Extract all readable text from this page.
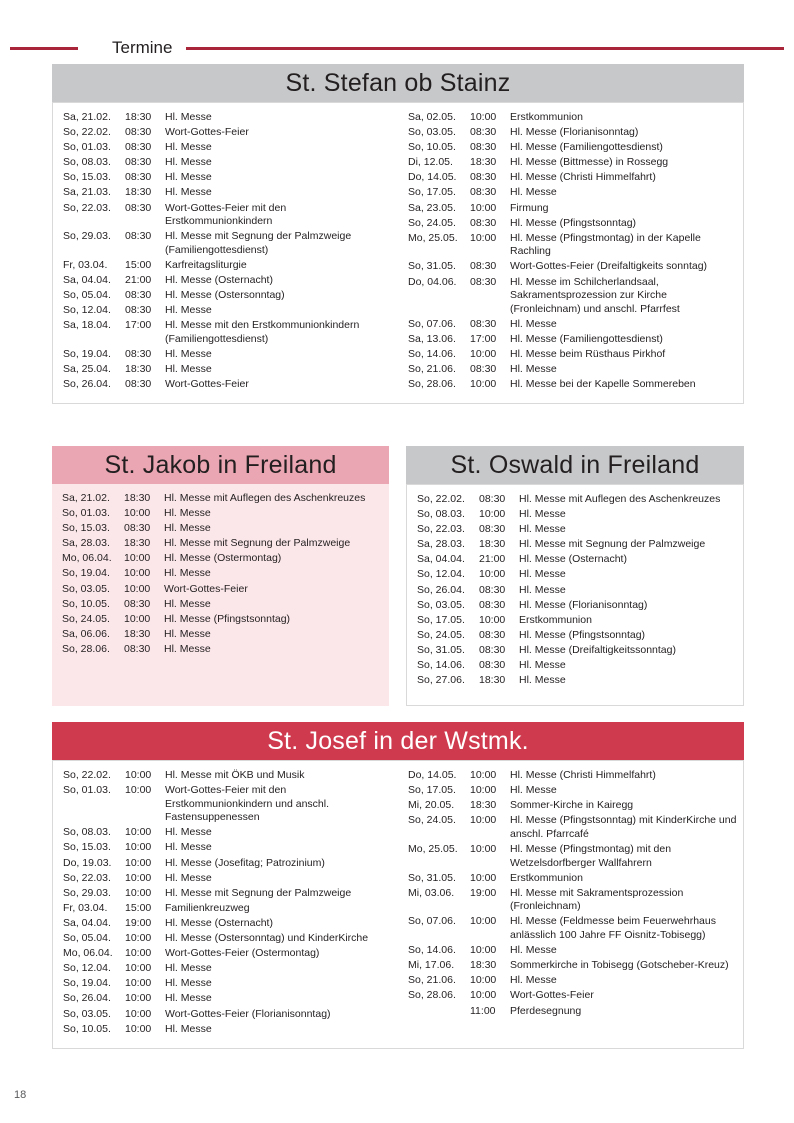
Termine
St. Stefan ob Stainz
Sa, 21.02.	18:30	Hl. Messe
So, 22.02.	08:30	Wort-Gottes-Feier
So, 01.03.	08:30	Hl. Messe
So, 08.03.	08:30	Hl. Messe
So, 15.03.	08:30	Hl. Messe
Sa, 21.03.	18:30	Hl. Messe
So, 22.03.	08:30	Wort-Gottes-Feier mit den Erstkommunionkindern
So, 29.03.	08:30	Hl. Messe mit Segnung der Palmzweige (Familiengottesdienst)
Fr, 03.04.	15:00	Karfreitagsliturgie
Sa, 04.04.	21:00	Hl. Messe (Osternacht)
So, 05.04.	08:30	Hl. Messe (Ostersonntag)
So, 12.04.	08:30	Hl. Messe
Sa, 18.04.	17:00	Hl. Messe mit den Erstkommunionkindern (Familiengottesdienst)
So, 19.04.	08:30	Hl. Messe
Sa, 25.04.	18:30	Hl. Messe
So, 26.04.	08:30	Wort-Gottes-Feier
Sa, 02.05.	10:00	Erstkommunion
So, 03.05.	08:30	Hl. Messe (Florianisonntag)
So, 10.05.	08:30	Hl. Messe (Familiengottesdienst)
Di, 12.05.	18:30	Hl. Messe (Bittmesse) in Rossegg
Do, 14.05.	08:30	Hl. Messe (Christi Himmelfahrt)
So, 17.05.	08:30	Hl. Messe
Sa, 23.05.	10:00	Firmung
So, 24.05.	08:30	Hl. Messe (Pfingstsonntag)
Mo, 25.05.	10:00	Hl. Messe (Pfingstmontag) in der Kapelle Rachling
So, 31.05.	08:30	Wort-Gottes-Feier (Dreifaltigkeits sonntag)
Do, 04.06.	08:30	Hl. Messe im Schilcherlandsaal, Sakramentsprozession zur Kirche (Fronleichnam) und anschl. Pfarrfest
So, 07.06.	08:30	Hl. Messe
Sa, 13.06.	17:00	Hl. Messe (Familiengottesdienst)
So, 14.06.	10:00	Hl. Messe beim Rüsthaus Pirkhof
So, 21.06.	08:30	Hl. Messe
So, 28.06.	10:00	Hl. Messe bei der Kapelle Sommereben
St. Jakob in Freiland
Sa, 21.02.	18:30	Hl. Messe mit Auflegen des Aschenkreuzes
So, 01.03.	10:00	Hl. Messe
So, 15.03.	08:30	Hl. Messe
Sa, 28.03.	18:30	Hl. Messe mit Segnung der Palmzweige
Mo, 06.04.	10:00	Hl. Messe (Ostermontag)
So, 19.04.	10:00	Hl. Messe
So, 03.05.	10:00	Wort-Gottes-Feier
So, 10.05.	08:30	Hl. Messe
So, 24.05.	10:00	Hl. Messe (Pfingstsonntag)
Sa, 06.06.	18:30	Hl. Messe
So, 28.06.	08:30	Hl. Messe
St. Oswald in Freiland
So, 22.02.	08:30	Hl. Messe mit Auflegen des Aschenkreuzes
So, 08.03.	10:00	Hl. Messe
So, 22.03.	08:30	Hl. Messe
Sa, 28.03.	18:30	Hl. Messe mit Segnung der Palmzweige
Sa, 04.04.	21:00	Hl. Messe (Osternacht)
So, 12.04.	10:00	Hl. Messe
So, 26.04.	08:30	Hl. Messe
So, 03.05.	08:30	Hl. Messe (Florianisonntag)
So, 17.05.	10:00	Erstkommunion
So, 24.05.	08:30	Hl. Messe (Pfingstsonntag)
So, 31.05.	08:30	Hl. Messe (Dreifaltigkeitssonntag)
So, 14.06.	08:30	Hl. Messe
So, 27.06.	18:30	Hl. Messe
St. Josef in der Wstmk.
So, 22.02.	10:00	Hl. Messe mit ÖKB und Musik
So, 01.03.	10:00	Wort-Gottes-Feier mit den Erstkommunionkindern und anschl. Fastensuppenessen
So, 08.03.	10:00	Hl. Messe
So, 15.03.	10:00	Hl. Messe
Do, 19.03.	10:00	Hl. Messe (Josefitag; Patrozinium)
So, 22.03.	10:00	Hl. Messe
So, 29.03.	10:00	Hl. Messe mit Segnung der Palmzweige
Fr, 03.04.	15:00	Familienkreuzweg
Sa, 04.04.	19:00	Hl. Messe (Osternacht)
So, 05.04.	10:00	Hl. Messe (Ostersonntag) und KinderKirche
Mo, 06.04.	10:00	Wort-Gottes-Feier (Ostermontag)
So, 12.04.	10:00	Hl. Messe
So, 19.04.	10:00	Hl. Messe
So, 26.04.	10:00	Hl. Messe
So, 03.05.	10:00	Wort-Gottes-Feier (Florianisonntag)
So, 10.05.	10:00	Hl. Messe
Do, 14.05.	10:00	Hl. Messe (Christi Himmelfahrt)
So, 17.05.	10:00	Hl. Messe
Mi, 20.05.	18:30	Sommer-Kirche in Kairegg
So, 24.05.	10:00	Hl. Messe (Pfingstsonntag) mit KinderKirche und anschl. Pfarrcafé
Mo, 25.05.	10:00	Hl. Messe (Pfingstmontag) mit den Wetzelsdorfberger Wallfahrern
So, 31.05.	10:00	Erstkommunion
Mi, 03.06.	19:00	Hl. Messe mit Sakramentsprozession (Fronleichnam)
So, 07.06.	10:00	Hl. Messe (Feldmesse beim Feuerwehrhaus anlässlich 100 Jahre FF Oisnitz-Tobisegg)
So, 14.06.	10:00	Hl. Messe
Mi, 17.06.	18:30	Sommerkirche in Tobisegg (Gotscheber-Kreuz)
So, 21.06.	10:00	Hl. Messe
So, 28.06.	10:00	Wort-Gottes-Feier
	11:00	Pferdesegnung
18
